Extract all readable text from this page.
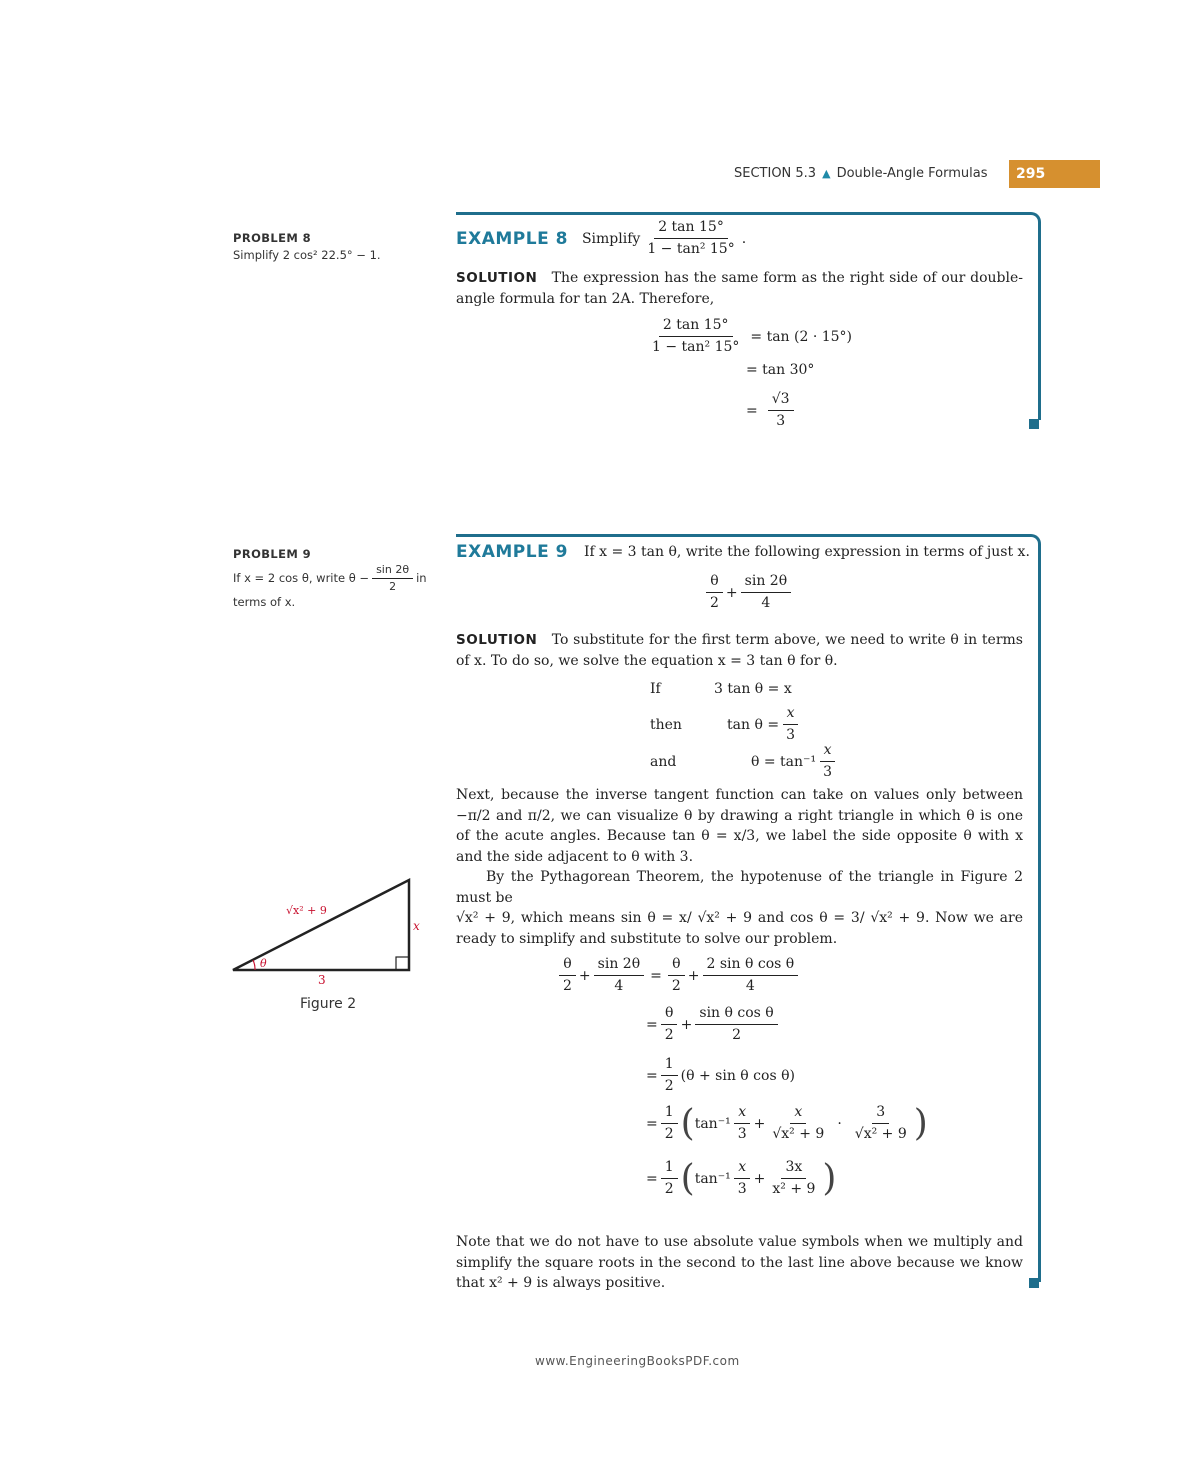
SECTION 5.3 ▲ Double-Angle Formulas	295
PROBLEM 8
Simplify 2 cos² 22.5° − 1.
EXAMPLE 8 Simplify $\frac{2 \tan 15^\circ}{\text{1 − tan² 15°}}$ .
SOLUTION The expression has the same form as the right side of our double-angle formula for tan 2A. Therefore,
$\frac{2 \tan 15^\circ}{\text{1 − tan² 15°}} = \tan (2 \cdot 15^\circ)$
= tan 30°
= $\frac{√3}{3}$
PROBLEM 9

If x = 2 cos θ, write $\theta - \frac{\sin 2\theta}{2}$ in
terms of x.
EXAMPLE 9 If x = 3 tan θ, write the following expression in terms of just x.
$\frac{\theta}{2} + \frac{\sin 2\theta}{4}$
SOLUTION To substitute for the first term above, we need to write θ in terms of x. To do so, we solve the equation x = 3 tan θ for θ.
If	3 tan θ = x
then	$\tan \theta = \frac{x}{3}$
and	$\theta = \tan^{-1} \frac{x}{3}$
Next, because the inverse tangent function can take on values only between −π/2 and π/2, we can visualize θ by drawing a right triangle in which θ is one of the acute angles. Because tan θ = x/3, we label the side opposite θ with x and the side adjacent to θ with 3.
By the Pythagorean Theorem, the hypotenuse of the triangle in Figure 2 must be
√x² + 9, which means sin θ = x/ √x² + 9 and cos θ = 3/ √x² + 9. Now we are ready to simplify and substitute to solve our problem.
$\frac{\theta}{2} + \frac{\sin 2\theta}{4} = \frac{\theta}{2} + \frac{\text{2 sin θ cos θ}}{4}$
= $\frac{\theta}{2} + \frac{\text{sin θ cos θ}}{2}$
= $\frac{1}{2} (\theta + \sin \theta$ cos θ)
= $\frac{1}{2}$ ( $\tan^{-1} \frac{x}{3} + \frac{x}{\text{√x² + 9}} \cdot \frac{3}{\text{√x² + 9}}$ )
= $\frac{1}{2}$ ( $\tan^{-1} \frac{x}{3} + \frac{3x}{\text{x² + 9}}$ )
Note that we do not have to use absolute value symbols when we multiply and simplify the square roots in the second to the last line above because we know that x² + 9 is always positive.
√x² + 9
x
3
θ
Figure 2
www.EngineeringBooksPDF.com
